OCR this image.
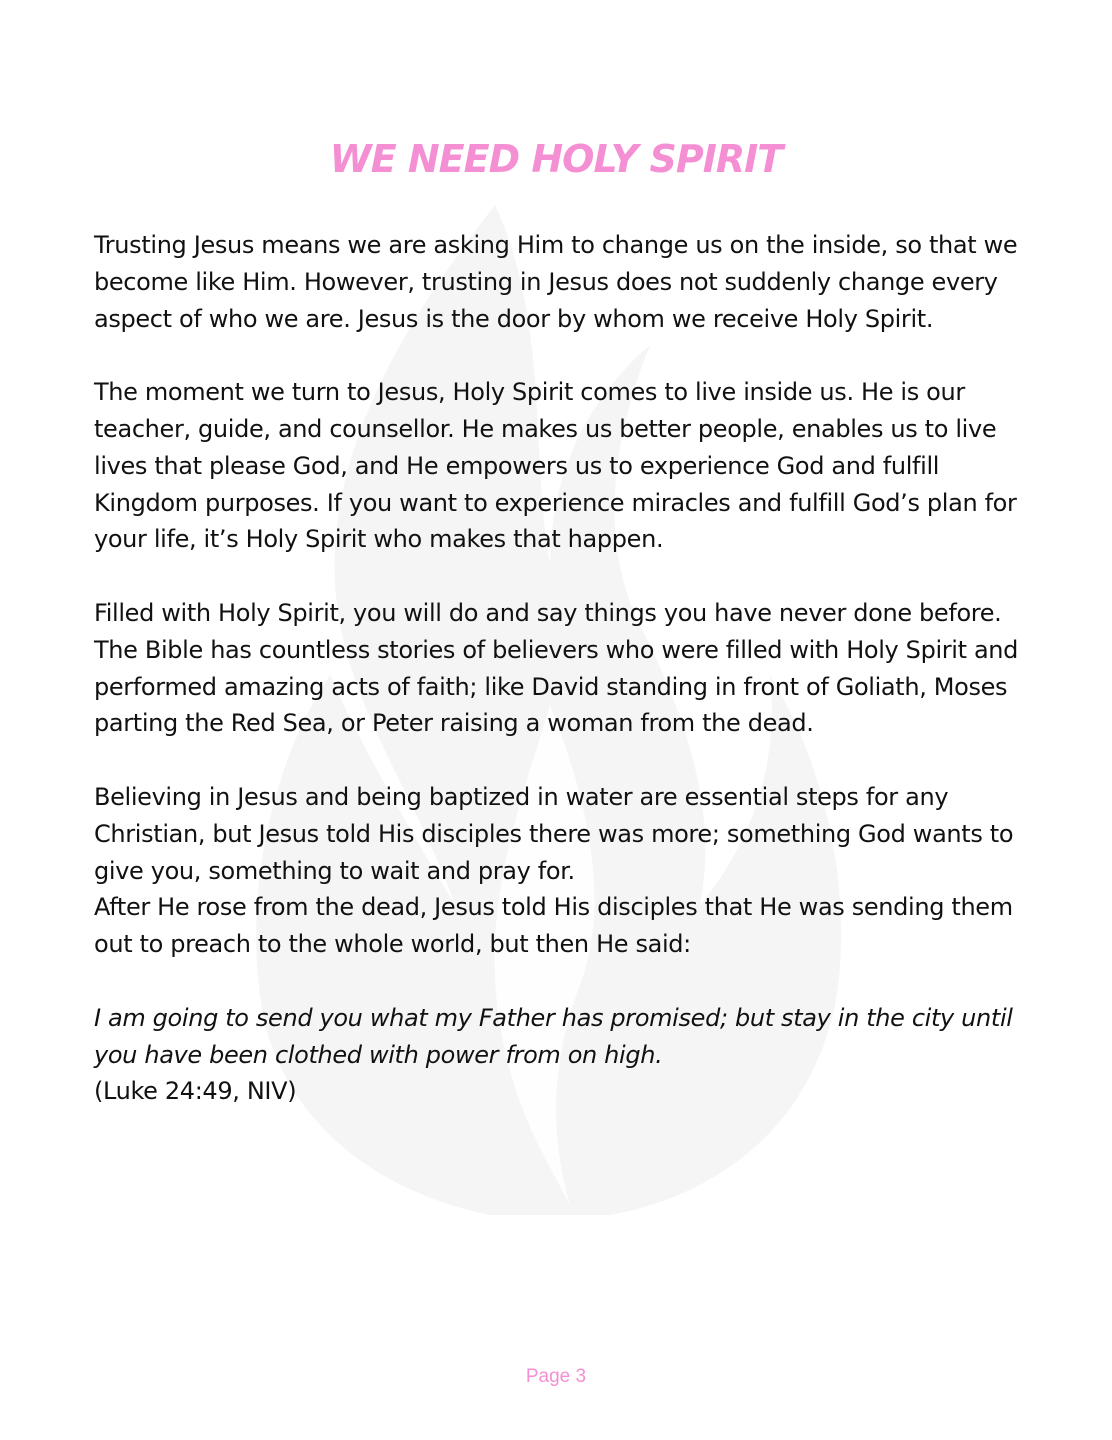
WE NEED HOLY SPIRIT

Trusting Jesus means we are asking Him to change us on the inside, so that we become like Him. However, trusting in Jesus does not suddenly change every aspect of who we are. Jesus is the door by whom we receive Holy Spirit.

The moment we turn to Jesus, Holy Spirit comes to live inside us. He is our teacher, guide, and counsellor. He makes us better people, enables us to live lives that please God, and He empowers us to experience God and fulfill Kingdom purposes. If you want to experience miracles and fulfill God’s plan for your life, it’s Holy Spirit who makes that happen.

Filled with Holy Spirit, you will do and say things you have never done before. The Bible has countless stories of believers who were filled with Holy Spirit and performed amazing acts of faith; like David standing in front of Goliath, Moses parting the Red Sea, or Peter raising a woman from the dead.

Believing in Jesus and being baptized in water are essential steps for any Christian, but Jesus told His disciples there was more; something God wants to give you, something to wait and pray for.

After He rose from the dead, Jesus told His disciples that He was sending them out to preach to the whole world, but then He said:

I am going to send you what my Father has promised; but stay in the city until you have been clothed with power from on high.

(Luke 24:49, NIV)

Page 3
